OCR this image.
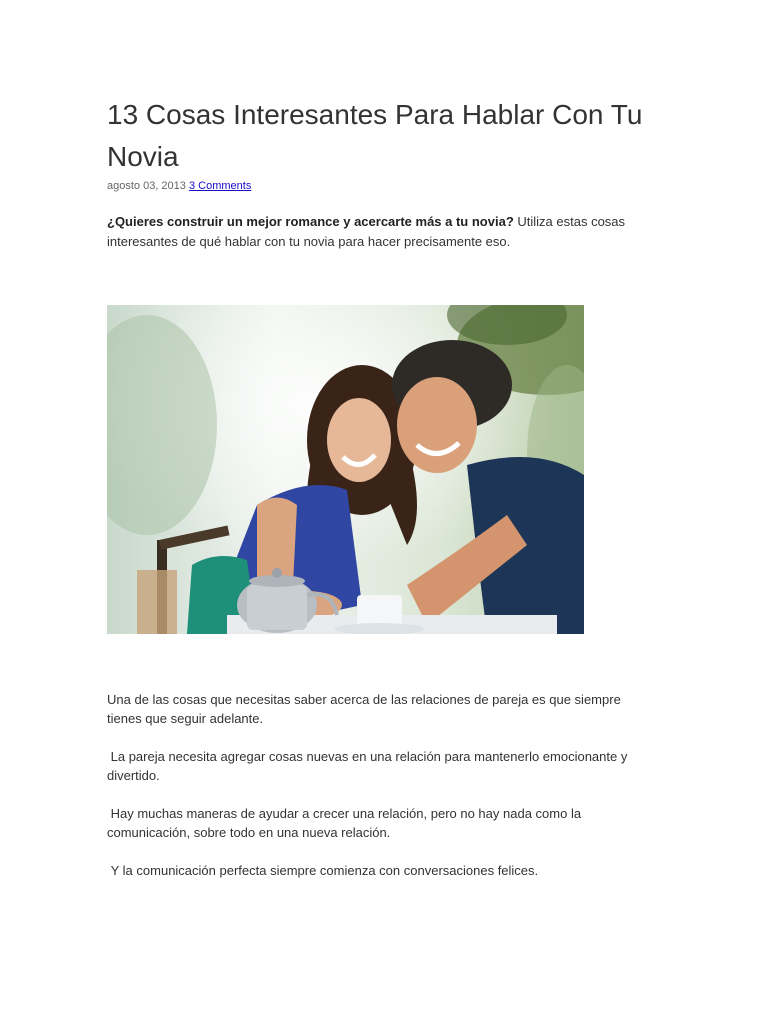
13 Cosas Interesantes Para Hablar Con Tu Novia
agosto 03, 2013 3 Comments

¿Quieres construir un mejor romance y acercarte más a tu novia? Utiliza estas cosas interesantes de qué hablar con tu novia para hacer precisamente eso.

Una de las cosas que necesitas saber acerca de las relaciones de pareja es que siempre tienes que seguir adelante.

La pareja necesita agregar cosas nuevas en una relación para mantenerlo emocionante y divertido.

Hay muchas maneras de ayudar a crecer una relación, pero no hay nada como la comunicación, sobre todo en una nueva relación.

Y la comunicación perfecta siempre comienza con conversaciones felices.
